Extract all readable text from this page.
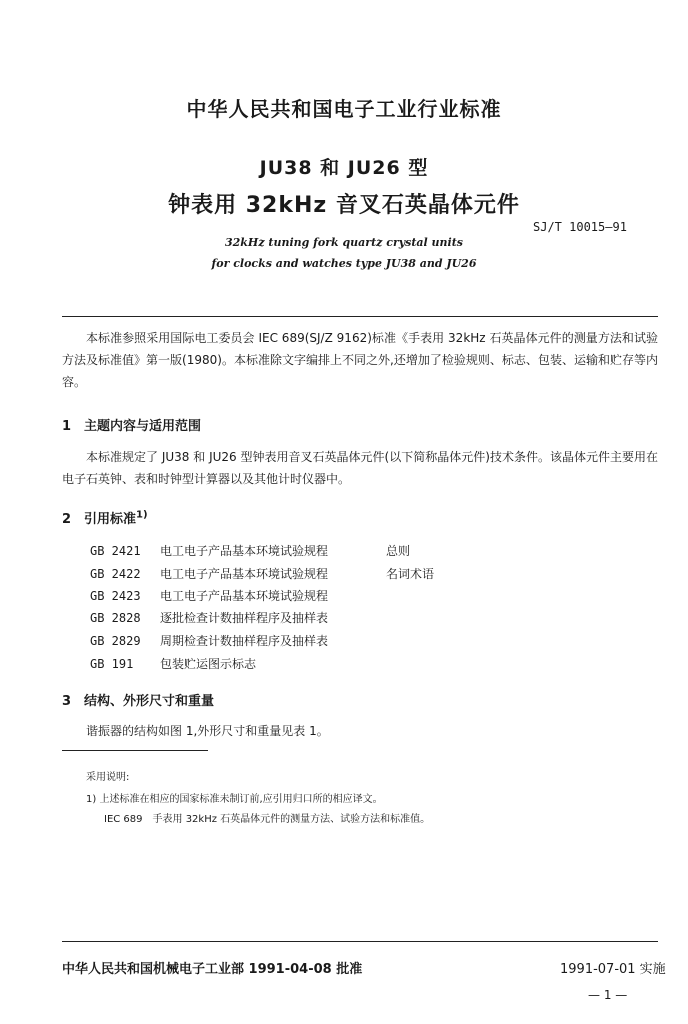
中华人民共和国电子工业行业标准
JU38 和 JU26 型
钟表用 32kHz 音叉石英晶体元件
SJ/T 10015—91
32kHz tuning fork quartz crystal units
for clocks and watches type JU38 and JU26
本标准参照采用国际电工委员会 IEC 689(SJ/Z 9162)标准《手表用 32kHz 石英晶体元件的测量方法和试验方法及标准值》第一版(1980)。本标准除文字编排上不同之外,还增加了检验规则、标志、包装、运输和贮存等内容。
1　主题内容与适用范围
本标准规定了 JU38 和 JU26 型钟表用音叉石英晶体元件(以下简称晶体元件)技术条件。该晶体元件主要用在电子石英钟、表和时钟型计算器以及其他计时仪器中。
2　引用标准$^{1)}$
GB 2421 电工电子产品基本环境试验规程	总则
GB 2422 电工电子产品基本环境试验规程	名词术语
GB 2423 电工电子产品基本环境试验规程
GB 2828 逐批检查计数抽样程序及抽样表
GB 2829 周期检查计数抽样程序及抽样表
GB 191 包装贮运图示标志
3　结构、外形尺寸和重量
谐振器的结构如图 1,外形尺寸和重量见表 1。
采用说明:
1) 上述标准在相应的国家标准未制订前,应引用归口所的相应译文。
IEC 689　手表用 32kHz 石英晶体元件的测量方法、试验方法和标准值。
中华人民共和国机械电子工业部 1991-04-08 批准	1991-07-01 实施
— 1 —
